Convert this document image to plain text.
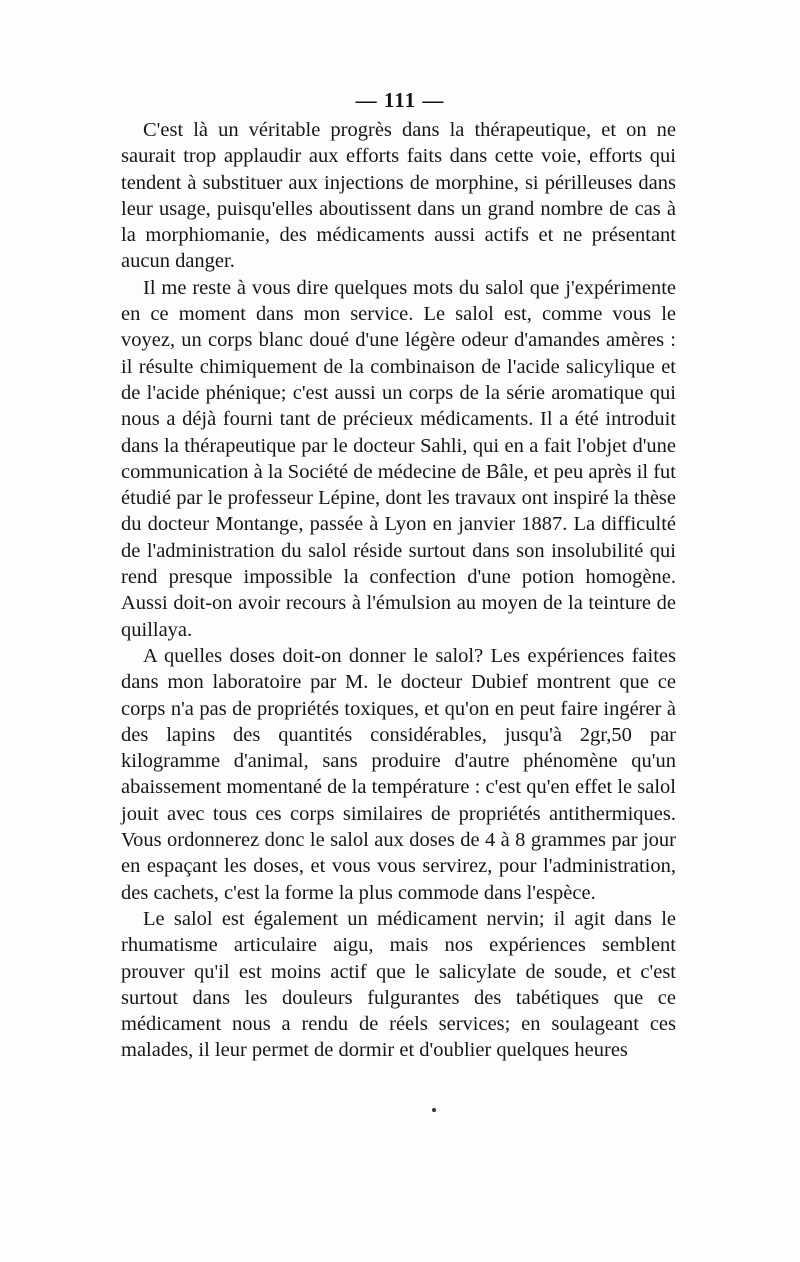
— 111 —

C'est là un véritable progrès dans la thérapeutique, et on ne saurait trop applaudir aux efforts faits dans cette voie, efforts qui tendent à substituer aux injections de morphine, si périlleuses dans leur usage, puisqu'elles aboutissent dans un grand nombre de cas à la morphiomanie, des médicaments aussi actifs et ne présentant aucun danger.

Il me reste à vous dire quelques mots du salol que j'expérimente en ce moment dans mon service. Le salol est, comme vous le voyez, un corps blanc doué d'une légère odeur d'amandes amères : il résulte chimiquement de la combinaison de l'acide salicylique et de l'acide phénique; c'est aussi un corps de la série aromatique qui nous a déjà fourni tant de précieux médicaments. Il a été introduit dans la thérapeutique par le docteur Sahli, qui en a fait l'objet d'une communication à la Société de médecine de Bâle, et peu après il fut étudié par le professeur Lépine, dont les travaux ont inspiré la thèse du docteur Montange, passée à Lyon en janvier 1887. La difficulté de l'administration du salol réside surtout dans son insolubilité qui rend presque impossible la confection d'une potion homogène. Aussi doit-on avoir recours à l'émulsion au moyen de la teinture de quillaya.

A quelles doses doit-on donner le salol? Les expériences faites dans mon laboratoire par M. le docteur Dubief montrent que ce corps n'a pas de propriétés toxiques, et qu'on en peut faire ingérer à des lapins des quantités considérables, jusqu'à 2gr,50 par kilogramme d'animal, sans produire d'autre phénomène qu'un abaissement momentané de la température : c'est qu'en effet le salol jouit avec tous ces corps similaires de propriétés antithermiques. Vous ordonnerez donc le salol aux doses de 4 à 8 grammes par jour en espaçant les doses, et vous vous servirez, pour l'administration, des cachets, c'est la forme la plus commode dans l'espèce.

Le salol est également un médicament nervin; il agit dans le rhumatisme articulaire aigu, mais nos expériences semblent prouver qu'il est moins actif que le salicylate de soude, et c'est surtout dans les douleurs fulgurantes des tabétiques que ce médicament nous a rendu de réels services; en soulageant ces malades, il leur permet de dormir et d'oublier quelques heures
